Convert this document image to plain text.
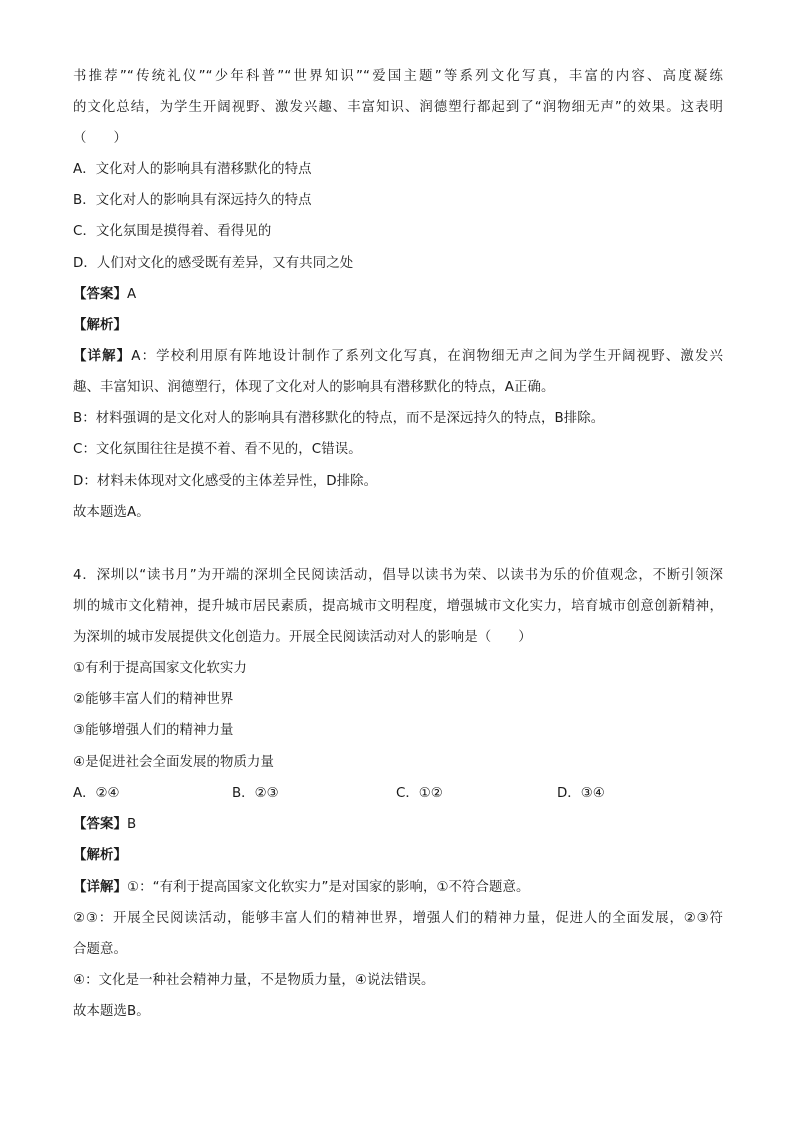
书推荐”“传统礼仪”“少年科普”“世界知识”“爱国主题”等系列文化写真，丰富的内容、高度凝练
的文化总结，为学生开阔视野、激发兴趣、丰富知识、润德塑行都起到了“润物细无声”的效果。这表明
（　　）
A．文化对人的影响具有潜移默化的特点
B．文化对人的影响具有深远持久的特点
C．文化氛围是摸得着、看得见的
D．人们对文化的感受既有差异，又有共同之处
【答案】A
【解析】
【详解】A：学校利用原有阵地设计制作了系列文化写真，在润物细无声之间为学生开阔视野、激发兴
趣、丰富知识、润德塑行，体现了文化对人的影响具有潜移默化的特点，A正确。
B：材料强调的是文化对人的影响具有潜移默化的特点，而不是深远持久的特点，B排除。
C：文化氛围往往是摸不着、看不见的，C错误。
D：材料未体现对文化感受的主体差异性，D排除。
故本题选A。
4．深圳以“读书月”为开端的深圳全民阅读活动，倡导以读书为荣、以读书为乐的价值观念，不断引领深
圳的城市文化精神，提升城市居民素质，提高城市文明程度，增强城市文化实力，培育城市创意创新精神，
为深圳的城市发展提供文化创造力。开展全民阅读活动对人的影响是（　　）
①有利于提高国家文化软实力
②能够丰富人们的精神世界
③能够增强人们的精神力量
④是促进社会全面发展的物质力量
A．②④	B．②③	C．①②	D．③④
【答案】B
【解析】
【详解】①：“有利于提高国家文化软实力”是对国家的影响，①不符合题意。
②③：开展全民阅读活动，能够丰富人们的精神世界，增强人们的精神力量，促进人的全面发展，②③符
合题意。
④：文化是一种社会精神力量，不是物质力量，④说法错误。
故本题选B。
